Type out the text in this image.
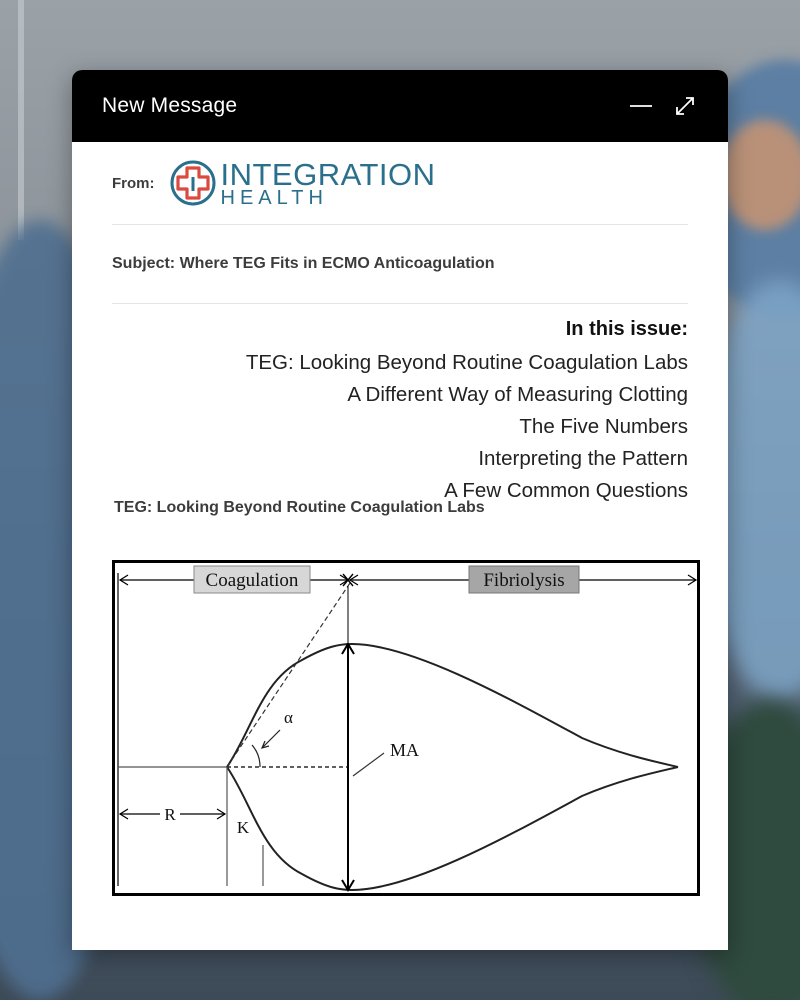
New Message
From: INTEGRATION
HEALTH
Subject: Where TEG Fits in ECMO Anticoagulation
In this issue:
TEG: Looking Beyond Routine Coagulation Labs
A Different Way of Measuring Clotting
The Five Numbers
Interpreting the Pattern
A Few Common Questions
TEG: Looking Beyond Routine Coagulation Labs
Coagulation	Fibriolysis
α
MA
R
K
